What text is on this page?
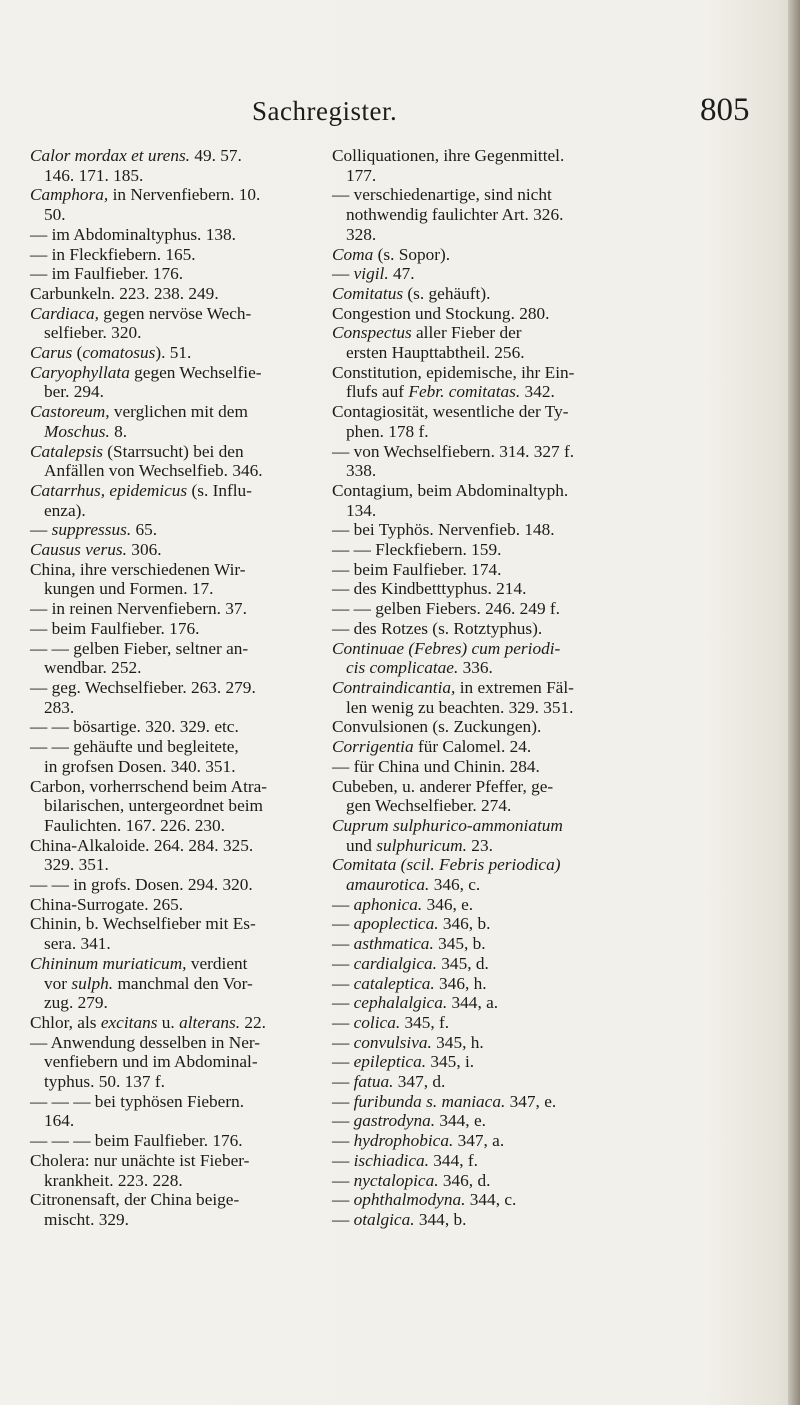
Sachregister.	805
Calor mordax et urens. 49. 57.
146. 171. 185.
Camphora, in Nervenfiebern. 10.
50.
— im Abdominaltyphus. 138.
— in Fleckfiebern. 165.
— im Faulfieber. 176.
Carbunkeln. 223. 238. 249.
Cardiaca, gegen nervöse Wech-
selfieber. 320.
Carus (comatosus). 51.
Caryophyllata gegen Wechselfie-
ber. 294.
Castoreum, verglichen mit dem
Moschus. 8.
Catalepsis (Starrsucht) bei den
Anfällen von Wechselfieb. 346.
Catarrhus, epidemicus (s. Influ-
enza).
— suppressus. 65.
Causus verus. 306.
China, ihre verschiedenen Wir-
kungen und Formen. 17.
— in reinen Nervenfiebern. 37.
— beim Faulfieber. 176.
— — gelben Fieber, seltner an-
wendbar. 252.
— geg. Wechselfieber. 263. 279.
283.
— — bösartige. 320. 329. etc.
— — gehäufte und begleitete,
in grofsen Dosen. 340. 351.
Carbon, vorherrschend beim Atra-
bilarischen, untergeordnet beim
Faulichten. 167. 226. 230.
China-Alkaloide. 264. 284. 325.
329. 351.
— — in grofs. Dosen. 294. 320.
China-Surrogate. 265.
Chinin, b. Wechselfieber mit Es-
sera. 341.
Chininum muriaticum, verdient
vor sulph. manchmal den Vor-
zug. 279.
Chlor, als excitans u. alterans. 22.
— Anwendung desselben in Ner-
venfiebern und im Abdominal-
typhus. 50. 137 f.
— — — bei typhösen Fiebern.
164.
— — — beim Faulfieber. 176.
Cholera: nur unächte ist Fieber-
krankheit. 223. 228.
Citronensaft, der China beige-
mischt. 329.
Colliquationen, ihre Gegenmittel.
177.
— verschiedenartige, sind nicht
nothwendig faulichter Art. 326.
328.
Coma (s. Sopor).
— vigil. 47.
Comitatus (s. gehäuft).
Congestion und Stockung. 280.
Conspectus aller Fieber der
ersten Haupttabtheil. 256.
Constitution, epidemische, ihr Ein-
flufs auf Febr. comitatas. 342.
Contagiosität, wesentliche der Ty-
phen. 178 f.
— von Wechselfiebern. 314. 327 f.
338.
Contagium, beim Abdominaltyph.
134.
— bei Typhös. Nervenfieb. 148.
— — Fleckfiebern. 159.
— beim Faulfieber. 174.
— des Kindbetttyphus. 214.
— — gelben Fiebers. 246. 249 f.
— des Rotzes (s. Rotztyphus).
Continuae (Febres) cum periodi-
cis complicatae. 336.
Contraindicantia, in extremen Fäl-
len wenig zu beachten. 329. 351.
Convulsionen (s. Zuckungen).
Corrigentia für Calomel. 24.
— für China und Chinin. 284.
Cubeben, u. anderer Pfeffer, ge-
gen Wechselfieber. 274.
Cuprum sulphurico-ammoniatum
und sulphuricum. 23.
Comitata (scil. Febris periodica)
amaurotica. 346, c.
— aphonica. 346, e.
— apoplectica. 346, b.
— asthmatica. 345, b.
— cardialgica. 345, d.
— cataleptica. 346, h.
— cephalalgica. 344, a.
— colica. 345, f.
— convulsiva. 345, h.
— epileptica. 345, i.
— fatua. 347, d.
— furibunda s. maniaca. 347, e.
— gastrodyna. 344, e.
— hydrophobica. 347, a.
— ischiadica. 344, f.
— nyctalopica. 346, d.
— ophthalmodyna. 344, c.
— otalgica. 344, b.
